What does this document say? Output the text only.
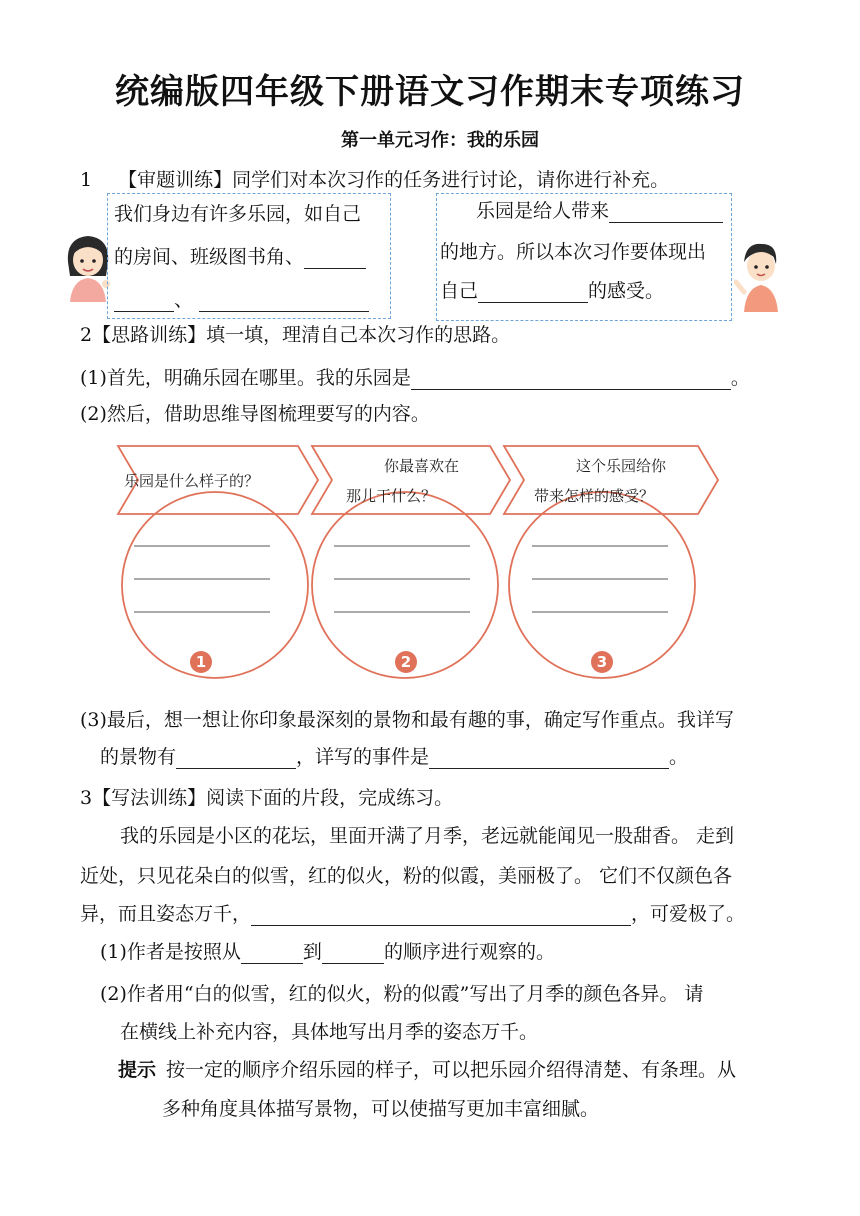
统编版四年级下册语文习作期末专项练习
第一单元习作：我的乐园
1 【审题训练】同学们对本次习作的任务进行讨论，请你进行补充。
我们身边有许多乐园，如自己
的房间、班级图书角、
、
乐园是给人带来
的地方。所以本次习作要体现出
自己	的感受。
2【思路训练】填一填，理清自己本次习作的思路。
(1)首先，明确乐园在哪里。我的乐园是	。
(2)然后，借助思维导图梳理要写的内容。
乐园是什么样子的？
你最喜欢在
那儿干什么？
这个乐园给你
带来怎样的感受？
1	2	3
(3)最后，想一想让你印象最深刻的景物和最有趣的事，确定写作重点。我详写
的景物有	，详写的事件是	。
3【写法训练】阅读下面的片段，完成练习。
我的乐园是小区的花坛，里面开满了月季，老远就能闻见一股甜香。 走到
近处，只见花朵白的似雪，红的似火，粉的似霞，美丽极了。 它们不仅颜色各
异，而且姿态万千，	，可爱极了。
(1)作者是按照从	到	的顺序进行观察的。
(2)作者用“白的似雪，红的似火，粉的似霞”写出了月季的颜色各异。 请
在横线上补充内容，具体地写出月季的姿态万千。
提示 按一定的顺序介绍乐园的样子，可以把乐园介绍得清楚、有条理。从
多种角度具体描写景物，可以使描写更加丰富细腻。
